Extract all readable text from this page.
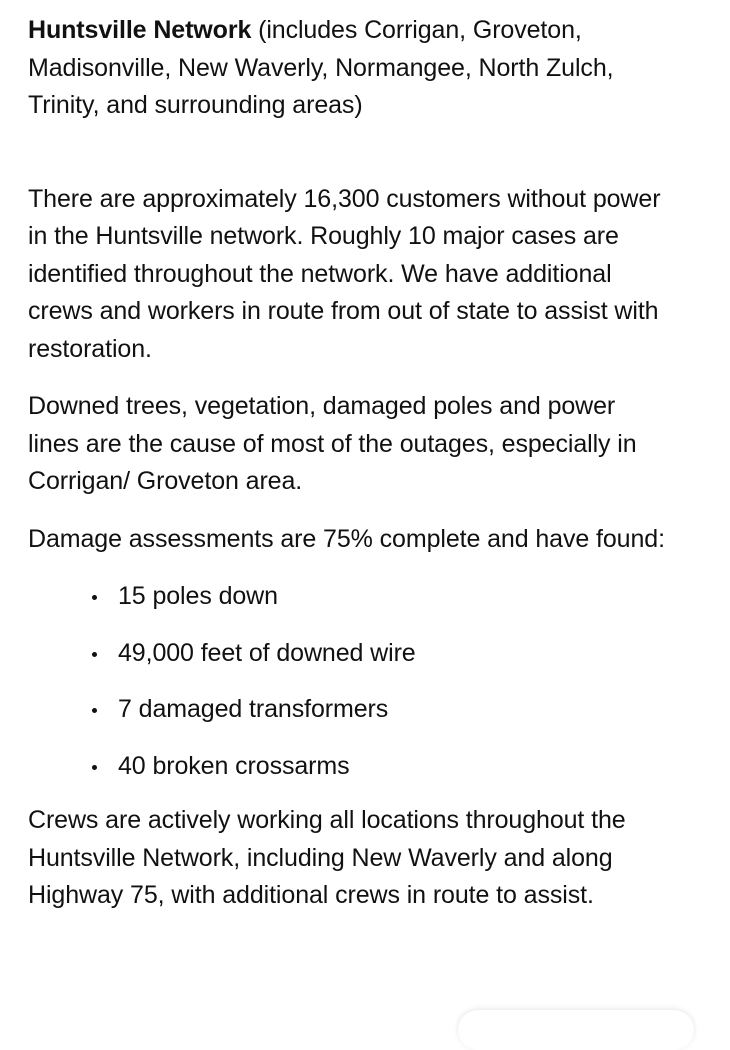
Huntsville Network (includes Corrigan, Groveton, Madisonville, New Waverly, Normangee, North Zulch, Trinity, and surrounding areas)

There are approximately 16,300 customers without power in the Huntsville network. Roughly 10 major cases are identified throughout the network. We have additional crews and workers in route from out of state to assist with restoration.

Downed trees, vegetation, damaged poles and power lines are the cause of most of the outages, especially in Corrigan/ Groveton area.

Damage assessments are 75% complete and have found:

15 poles down
49,000 feet of downed wire
7 damaged transformers
40 broken crossarms

Crews are actively working all locations throughout the Huntsville Network, including New Waverly and along Highway 75, with additional crews in route to assist.
